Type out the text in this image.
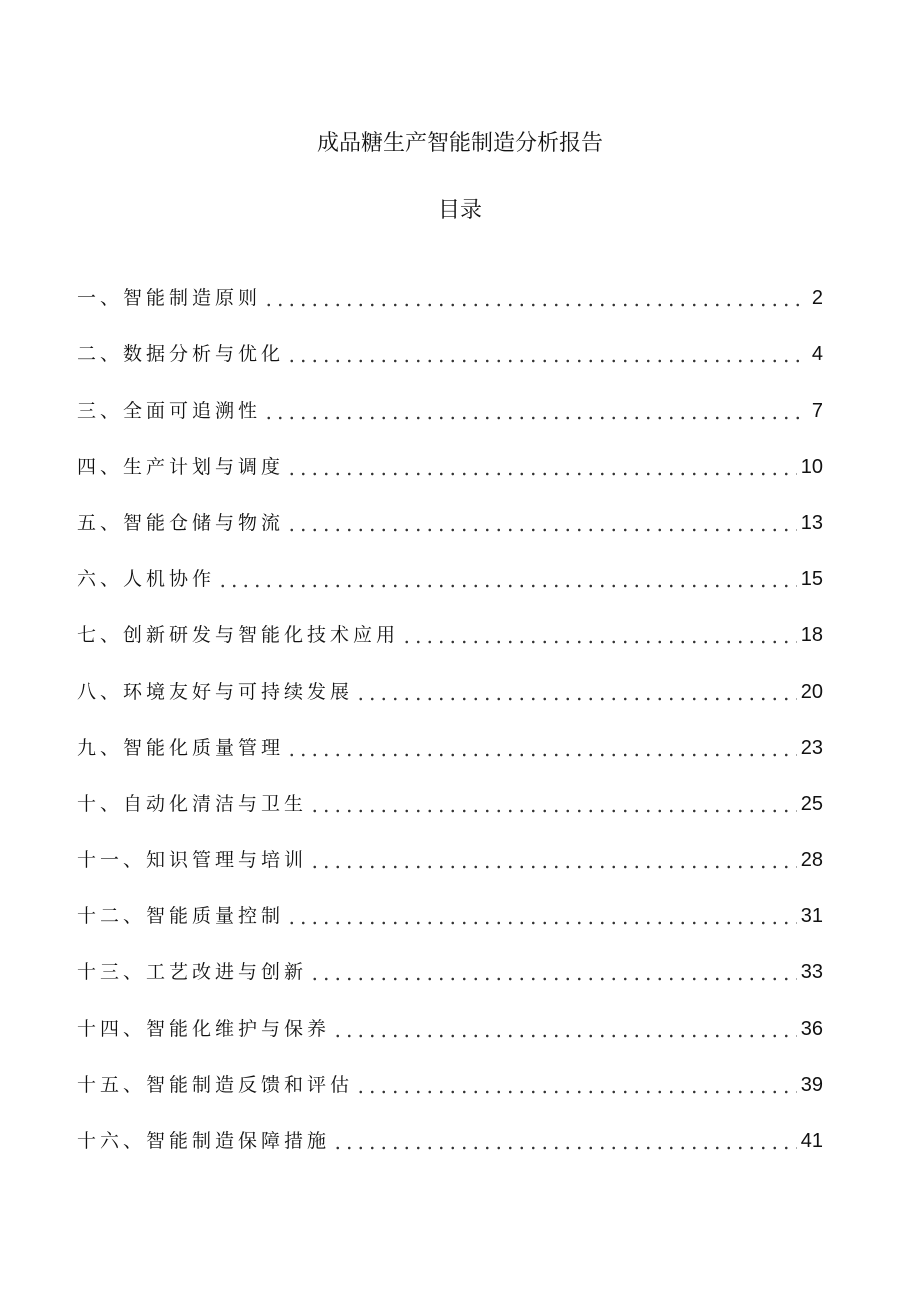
成品糖生产智能制造分析报告
目录
一、智能制造原则	2
二、数据分析与优化	4
三、全面可追溯性	7
四、生产计划与调度	10
五、智能仓储与物流	13
六、人机协作	15
七、创新研发与智能化技术应用	18
八、环境友好与可持续发展	20
九、智能化质量管理	23
十、自动化清洁与卫生	25
十一、知识管理与培训	28
十二、智能质量控制	31
十三、工艺改进与创新	33
十四、智能化维护与保养	36
十五、智能制造反馈和评估	39
十六、智能制造保障措施	41
